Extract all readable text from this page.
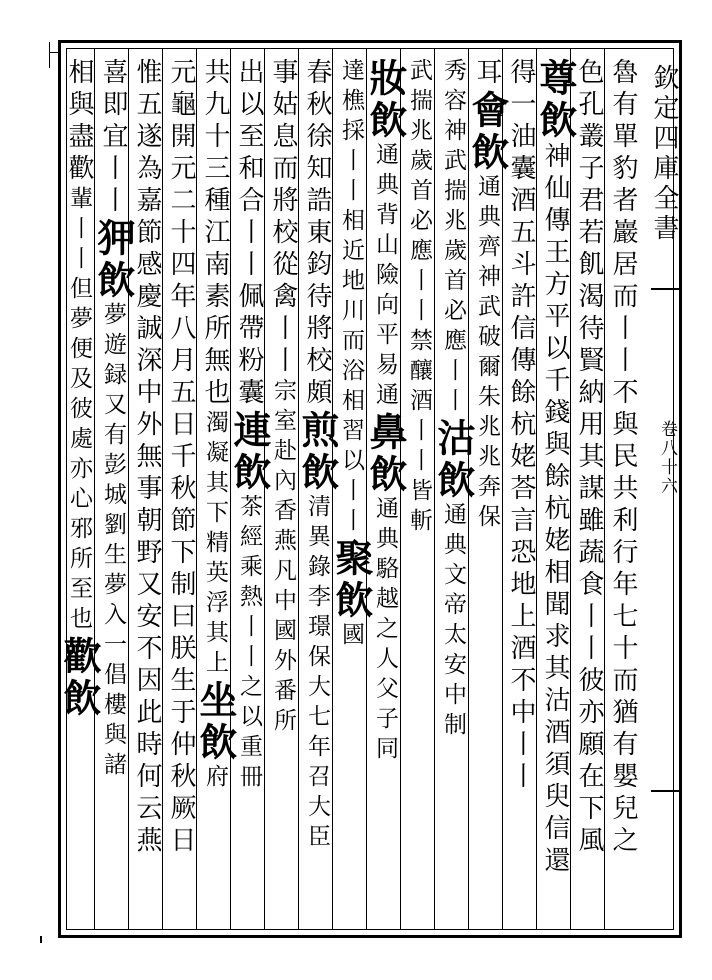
欽定四庫全書
卷八十六
魯有單豹者巖居而丨丨不與民共利行年七十而猶有嬰兒之
色孔叢子君若飢渴待賢納用其謀雖蔬食丨丨彼亦願在下風
尊飲神仙傳王方平以千錢與餘杭姥相聞求其沽酒須臾信還
得一油囊酒五斗許信傳餘杭姥荅言恐地上酒不中丨丨
耳會飲通典齊神武破爾朱兆兆奔保
秀容神武揣兆歲首必應丨丨沽飲通典文帝太安中制
武揣兆歲首必應丨丨禁釀酒丨丨皆斬
妝飲通典背山險向平易通鼻飲通典駱越之人父子同
達樵採丨丨相近地川而浴相習以丨丨聚飲國
春秋徐知誥東鈞待將校頗煎飲清異錄李璟保大七年召大臣
事姑息而將校從禽丨丨宗室赴內香燕凡中國外番所
出以至和合丨丨佩帶粉囊連飲茶經乘熱丨丨之以重冊
共九十三種江南素所無也濁凝其下精英浮其上坐飲府
元龜開元二十四年八月五日千秋節下制曰朕生于仲秋厥日
惟五遂為嘉節感慶誠深中外無事朝野又安不因此時何云燕
喜即宜丨丨狎飲夢遊録又有彭城劉生夢入一倡樓與諸
相與盡歡輩丨丨但夢便及彼處亦心邪所至也歡飲
